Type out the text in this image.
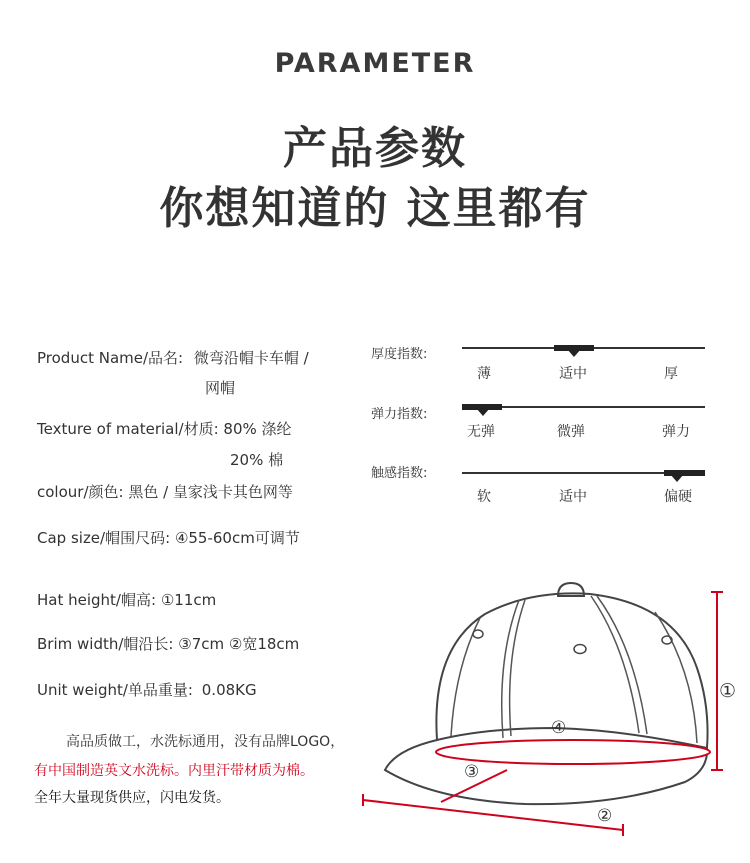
PARAMETER
产品参数
你想知道的 这里都有
Product Name/品名: 微弯沿帽卡车帽 /
网帽
Texture of material/材质: 80% 涤纶
20% 棉
colour/颜色: 黑色 / 皇家浅卡其色网等
Cap size/帽围尺码: ④55-60cm可调节
Hat height/帽高: ①11cm
Brim width/帽沿长: ③7cm ②宽18cm
Unit weight/单品重量: 0.08KG
厚度指数:
薄	适中	厚
弹力指数:
无弹	微弹	弹力
触感指数:
软	适中	偏硬
高品质做工，水洗标通用，没有品牌LOGO，
有中国制造英文水洗标。内里汗带材质为棉。
全年大量现货供应，闪电发货。
①
②
③
④
